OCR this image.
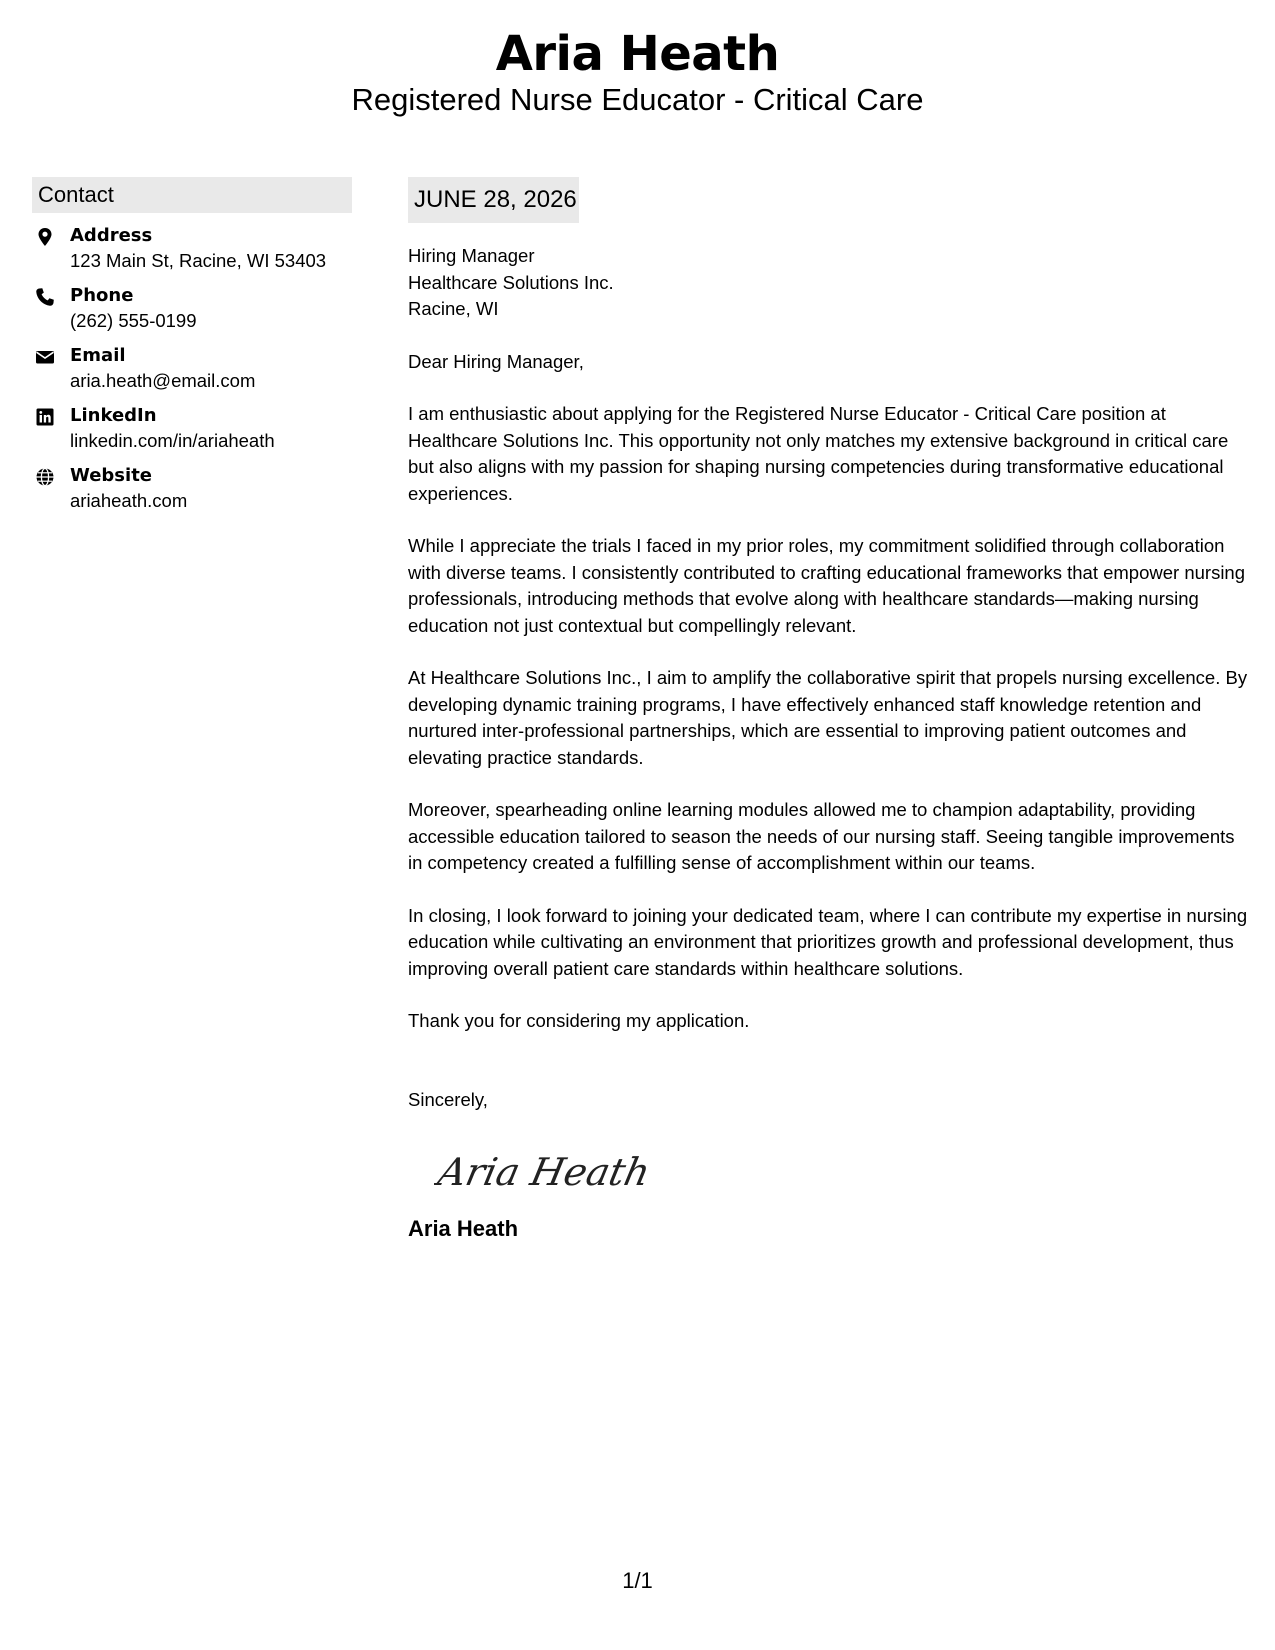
Aria Heath
Registered Nurse Educator - Critical Care
Contact
Address
123 Main St, Racine, WI 53403
Phone
(262) 555-0199
Email
aria.heath@email.com
LinkedIn
linkedin.com/in/ariaheath
Website
ariaheath.com
JUNE 28, 2026
Hiring Manager
Healthcare Solutions Inc.
Racine, WI
Dear Hiring Manager,
I am enthusiastic about applying for the Registered Nurse Educator - Critical Care position at Healthcare Solutions Inc. This opportunity not only matches my extensive background in critical care but also aligns with my passion for shaping nursing competencies during transformative educational experiences.
While I appreciate the trials I faced in my prior roles, my commitment solidified through collaboration with diverse teams. I consistently contributed to crafting educational frameworks that empower nursing professionals, introducing methods that evolve along with healthcare standards—making nursing education not just contextual but compellingly relevant.
At Healthcare Solutions Inc., I aim to amplify the collaborative spirit that propels nursing excellence. By developing dynamic training programs, I have effectively enhanced staff knowledge retention and nurtured inter-professional partnerships, which are essential to improving patient outcomes and elevating practice standards.
Moreover, spearheading online learning modules allowed me to champion adaptability, providing accessible education tailored to season the needs of our nursing staff. Seeing tangible improvements in competency created a fulfilling sense of accomplishment within our teams.
In closing, I look forward to joining your dedicated team, where I can contribute my expertise in nursing education while cultivating an environment that prioritizes growth and professional development, thus improving overall patient care standards within healthcare solutions.
Thank you for considering my application.
Sincerely,
Aria Heath
Aria Heath
1/1
